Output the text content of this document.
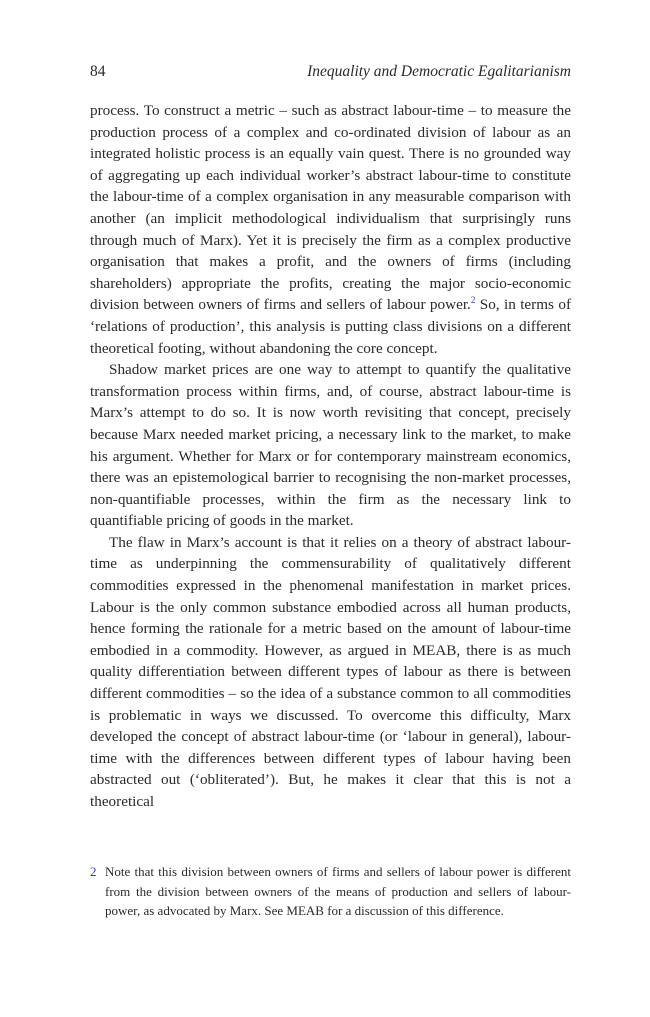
84	Inequality and Democratic Egalitarianism

process. To construct a metric – such as abstract labour-time – to measure the production process of a complex and co-ordinated division of labour as an integrated holistic process is an equally vain quest. There is no grounded way of aggregating up each individual worker’s abstract labour-time to constitute the labour-time of a complex organisation in any measurable comparison with another (an implicit methodological individualism that surprisingly runs through much of Marx). Yet it is precisely the firm as a complex productive organisation that makes a profit, and the owners of firms (including shareholders) appropriate the profits, creating the major socio-economic division between owners of firms and sellers of labour power.$^2$ So, in terms of ‘relations of production’, this analysis is putting class divisions on a different theoretical footing, without abandoning the core concept.

Shadow market prices are one way to attempt to quantify the qualitative transformation process within firms, and, of course, abstract labour-time is Marx’s attempt to do so. It is now worth revisiting that concept, precisely because Marx needed market pricing, a necessary link to the market, to make his argument. Whether for Marx or for contemporary mainstream economics, there was an epistemological barrier to recognising the non-market processes, non-quantifiable processes, within the firm as the necessary link to quantifiable pricing of goods in the market.

The flaw in Marx’s account is that it relies on a theory of abstract labour-time as underpinning the commensurability of qualitatively different commodities expressed in the phenomenal manifestation in market prices. Labour is the only common substance embodied across all human products, hence forming the rationale for a metric based on the amount of labour-time embodied in a commodity. However, as argued in MEAB, there is as much quality differentiation between different types of labour as there is between different commodities – so the idea of a substance common to all commodities is problematic in ways we discussed. To overcome this difficulty, Marx developed the concept of abstract labour-time (or ‘labour in general), labour-time with the differences between different types of labour having been abstracted out (‘obliterated’). But, he makes it clear that this is not a theoretical

2 Note that this division between owners of firms and sellers of labour power is different from the division between owners of the means of production and sellers of labour-power, as advocated by Marx. See MEAB for a discussion of this difference.
